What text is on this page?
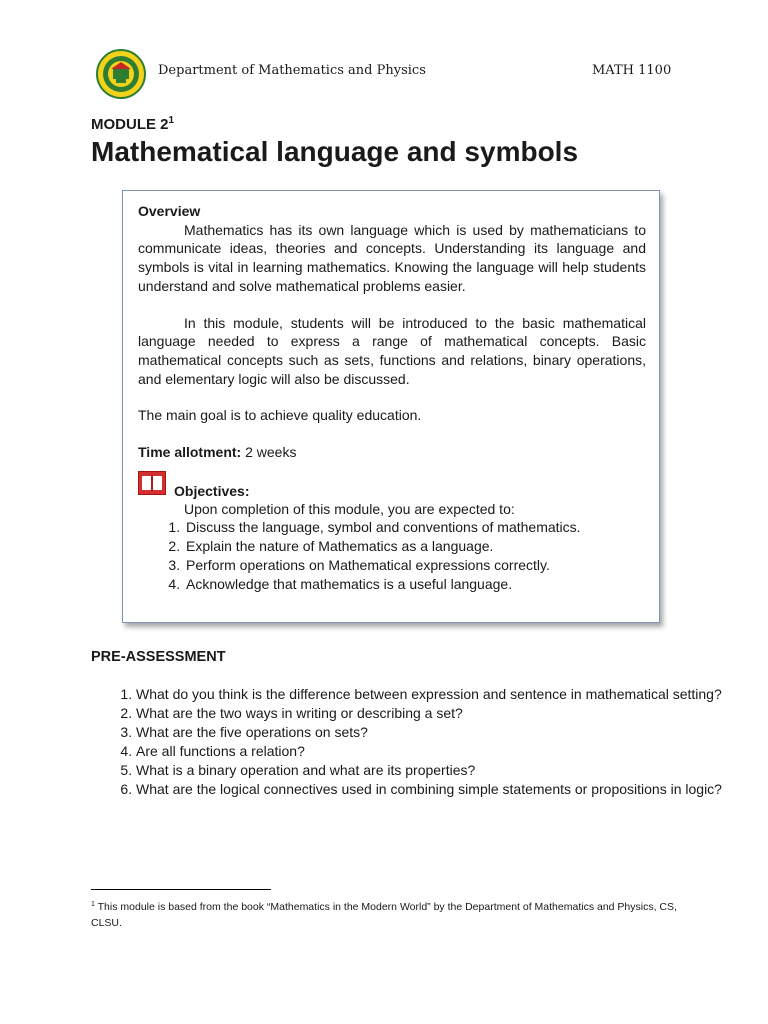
Department of Mathematics and Physics	MATH 1100
MODULE $2^1$
Mathematical language and symbols
Overview

Mathematics has its own language which is used by mathematicians to communicate ideas, theories and concepts. Understanding its language and symbols is vital in learning mathematics. Knowing the language will help students understand and solve mathematical problems easier.

In this module, students will be introduced to the basic mathematical language needed to express a range of mathematical concepts. Basic mathematical concepts such as sets, functions and relations, binary operations, and elementary logic will also be discussed.

The main goal is to achieve quality education.

Time allotment: 2 weeks

Objectives:

Upon completion of this module, you are expected to:

1. Discuss the language, symbol and conventions of mathematics.
2. Explain the nature of Mathematics as a language.
3. Perform operations on Mathematical expressions correctly.
4. Acknowledge that mathematics is a useful language.
PRE-ASSESSMENT
1. What do you think is the difference between expression and sentence in mathematical setting?
2. What are the two ways in writing or describing a set?
3. What are the five operations on sets?
4. Are all functions a relation?
5. What is a binary operation and what are its properties?
6. What are the logical connectives used in combining simple statements or propositions in logic?
$^1$ This module is based from the book “Mathematics in the Modern World” by the Department of Mathematics and Physics, CS, CLSU.
